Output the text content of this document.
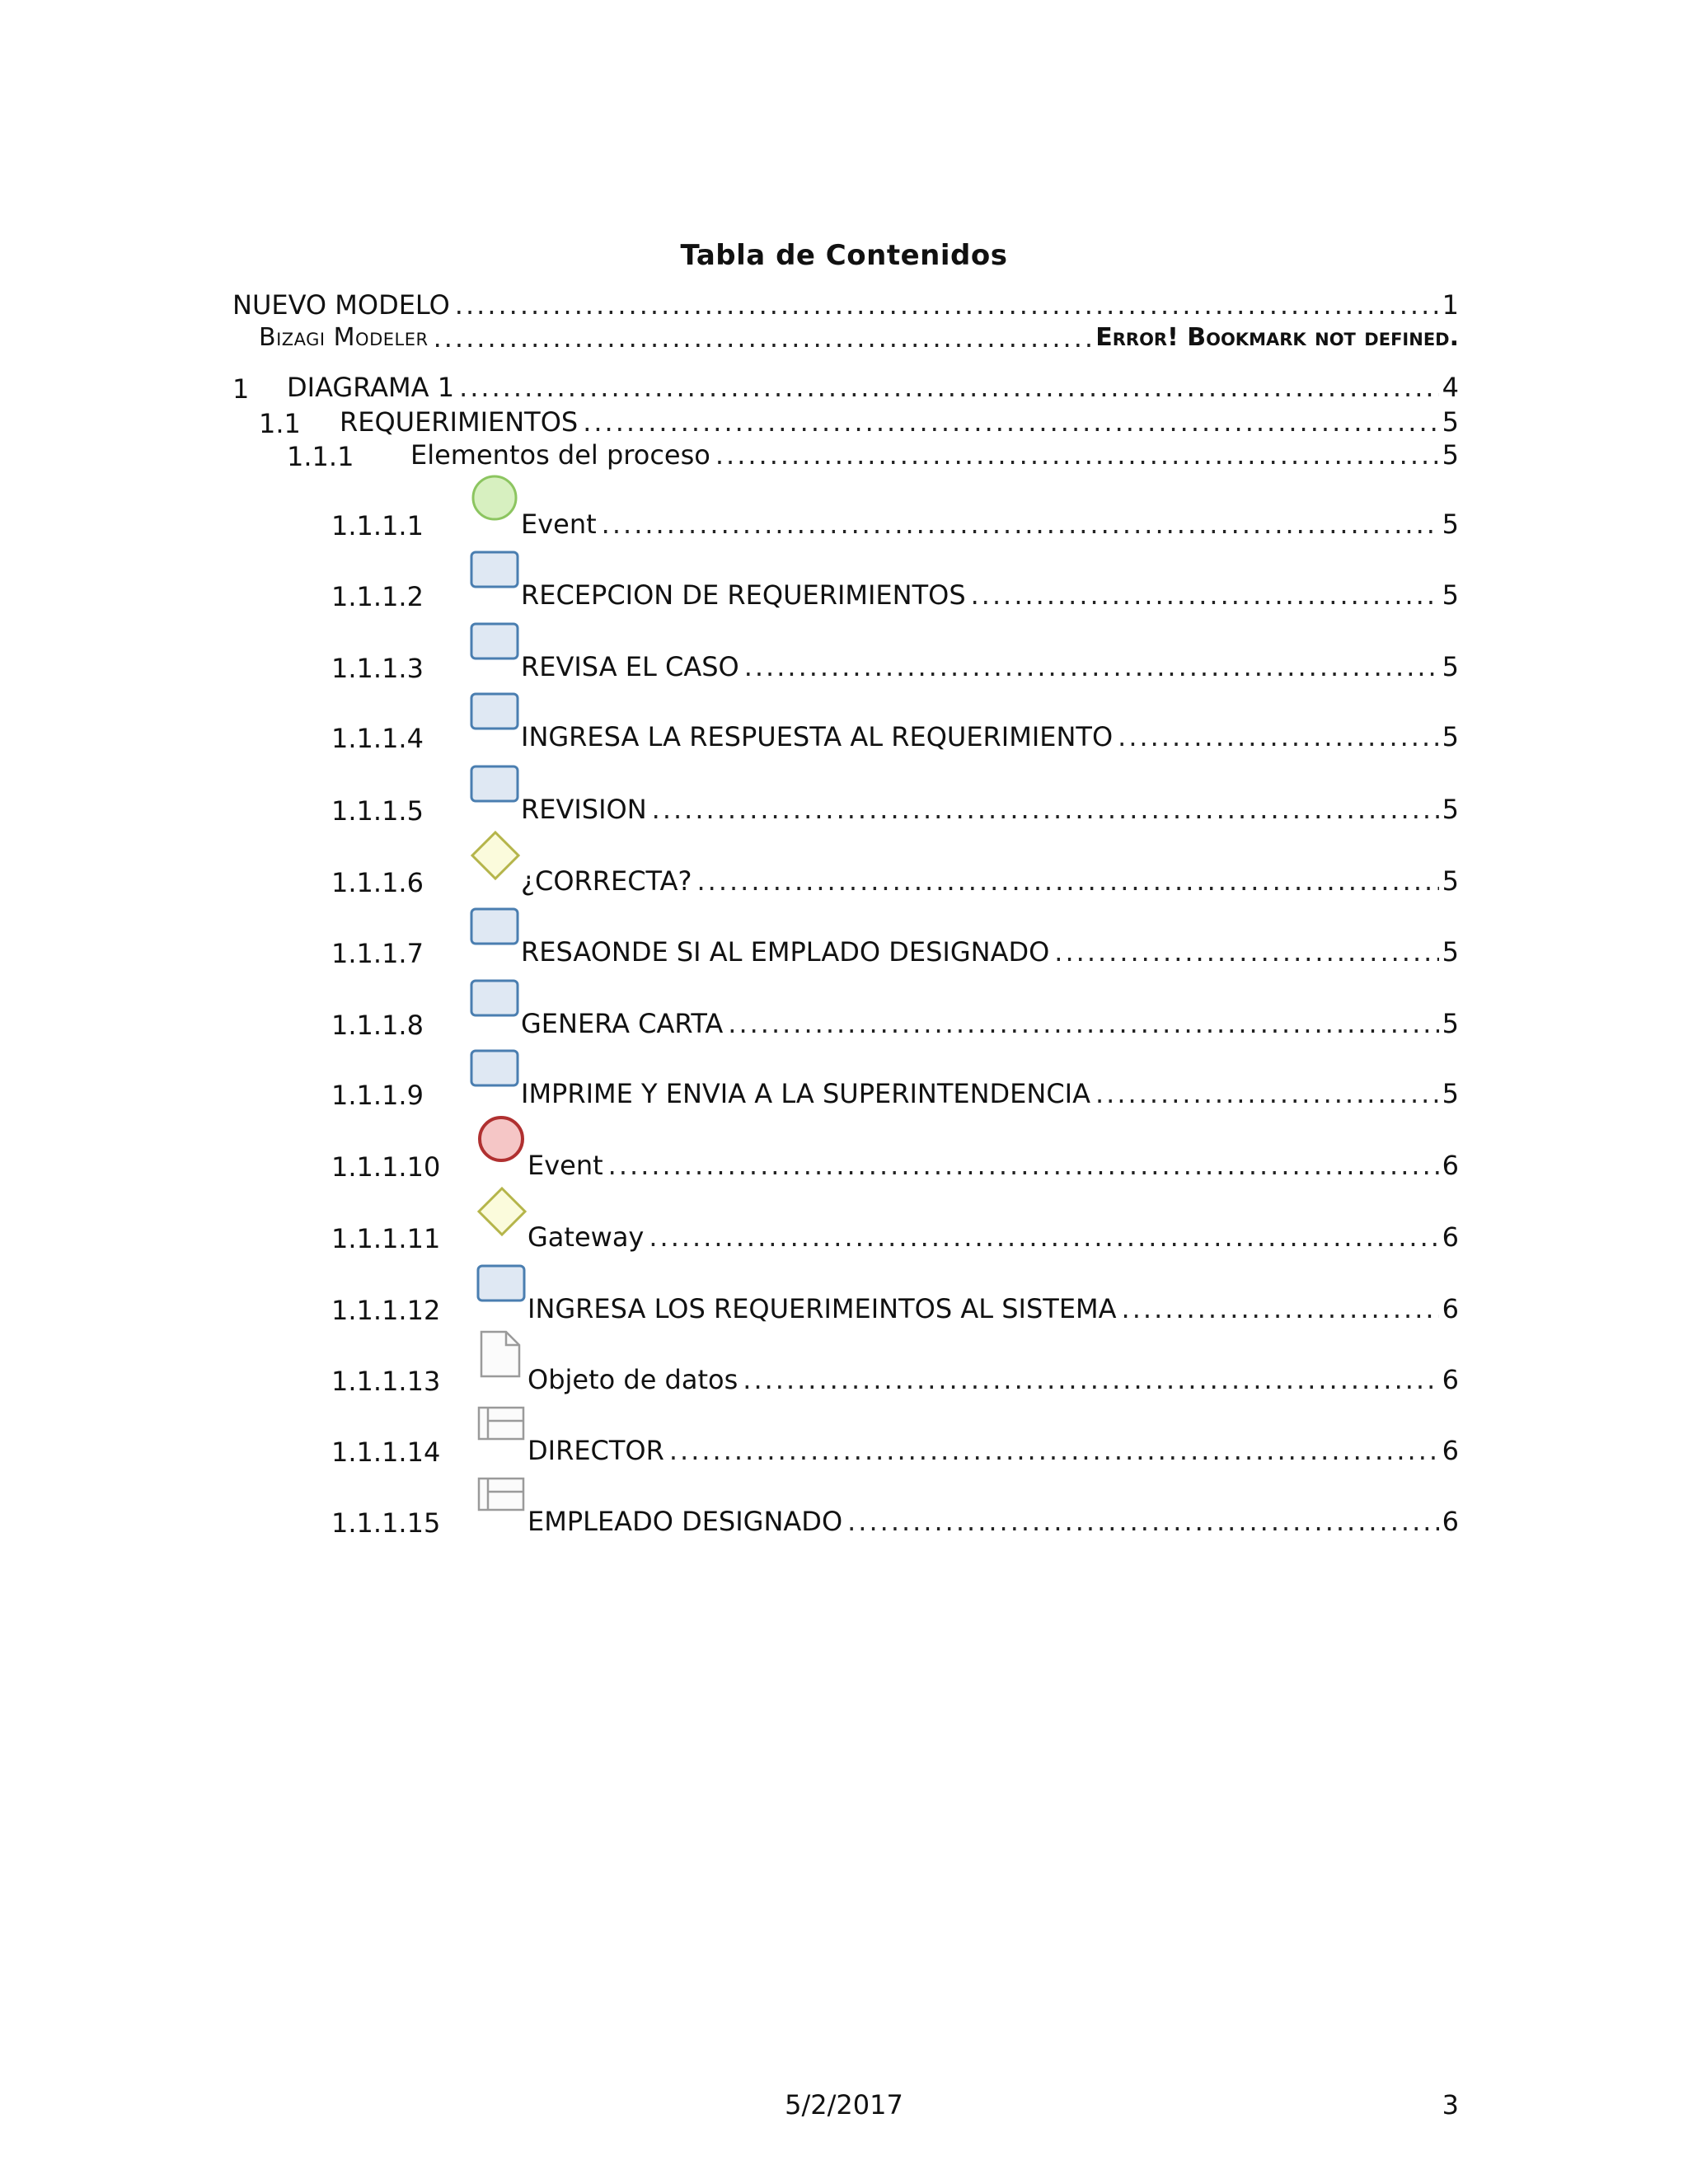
Tabla de Contenidos
NUEVO MODELO .....	1
Bizagi Modeler .....	Error! Bookmark not defined.
1	DIAGRAMA 1 .....	4
1.1	REQUERIMIENTOS .....	5
1.1.1	Elementos del proceso .....	5
1.1.1.1	Event .....	5
1.1.1.2	RECEPCION DE REQUERIMIENTOS .....	5
1.1.1.3	REVISA EL CASO .....	5
1.1.1.4	INGRESA LA RESPUESTA AL REQUERIMIENTO .....	5
1.1.1.5	REVISION .....	5
1.1.1.6	¿CORRECTA? .....	5
1.1.1.7	RESAONDE SI AL EMPLADO DESIGNADO .....	5
1.1.1.8	GENERA CARTA .....	5
1.1.1.9	IMPRIME Y ENVIA A LA SUPERINTENDENCIA .....	5
1.1.1.10	Event .....	6
1.1.1.11	Gateway .....	6
1.1.1.12	INGRESA LOS REQUERIMEINTOS AL SISTEMA .....	6
1.1.1.13	Objeto de datos .....	6
1.1.1.14	DIRECTOR .....	6
1.1.1.15	EMPLEADO DESIGNADO .....	6
5/2/2017	3
